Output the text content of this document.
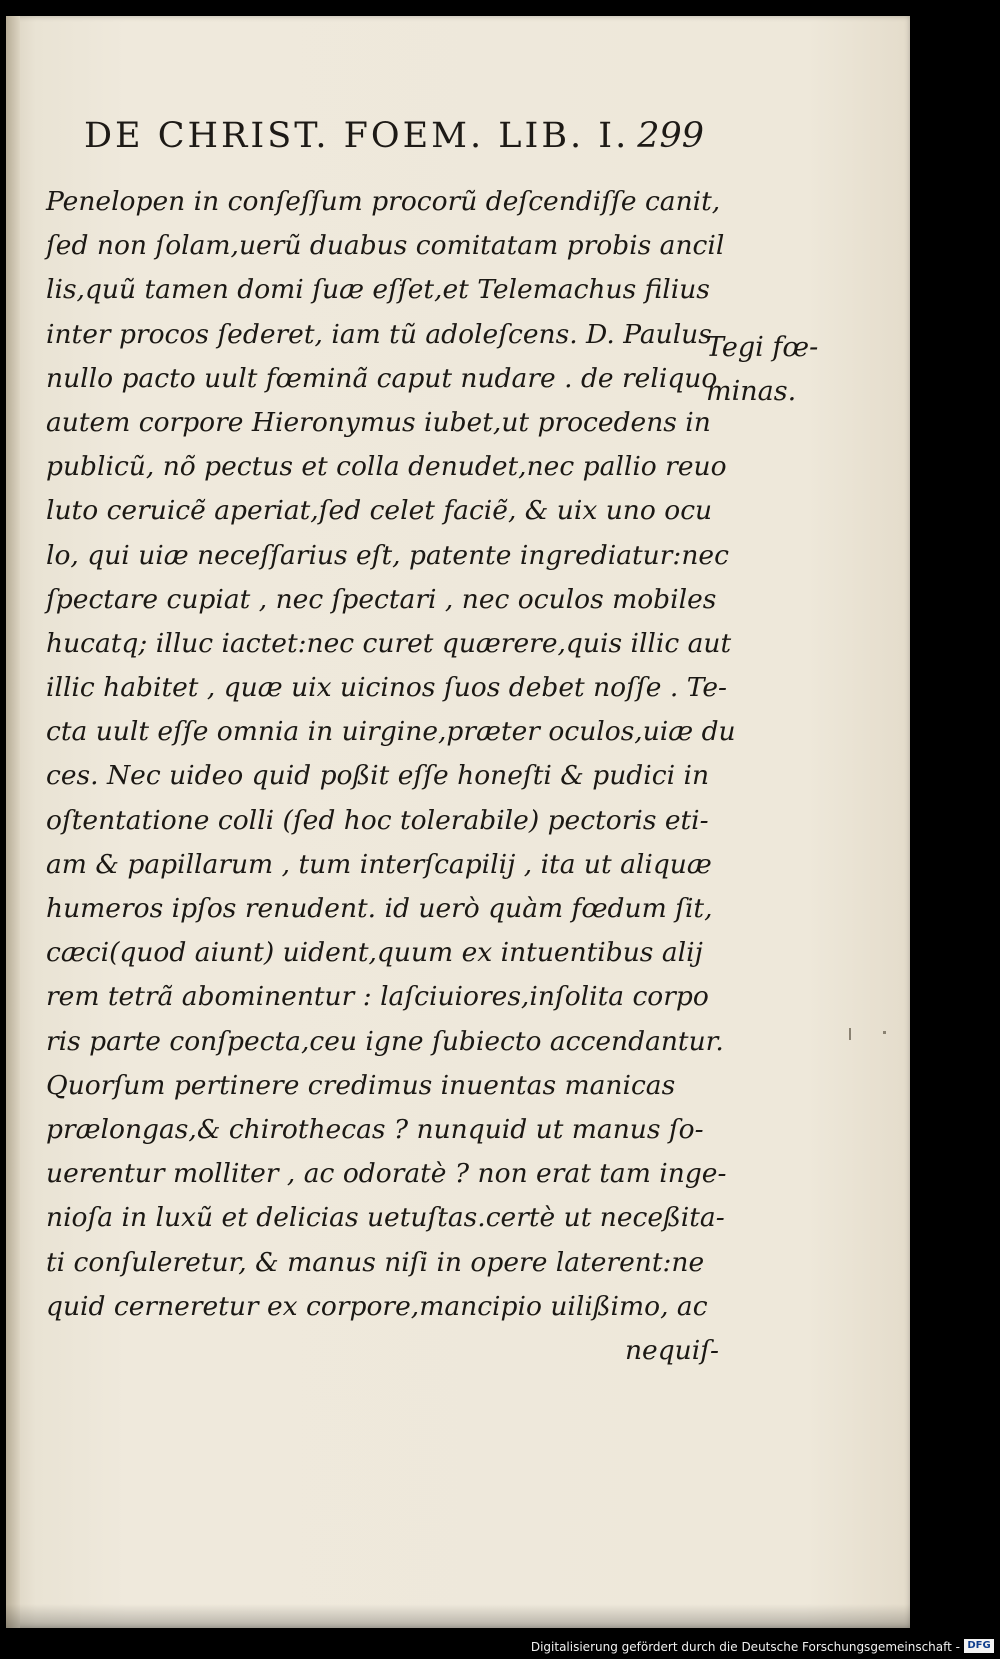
DE CHRIST. FOEM. LIB. I. 299
Penelopen in conſeſſum procorũ deſcendiſſe canit,
ſed non ſolam,uerũ duabus comitatam probis ancil
lis,quũ tamen domi ſuæ eſſet,et Telemachus filius
inter procos ſederet, iam tũ adoleſcens. D. Paulus
nullo pacto uult fœminã caput nudare . de reliquo
autem corpore Hieronymus iubet,ut procedens in
publicũ, nõ pectus et colla denudet,nec pallio reuo
luto ceruicẽ aperiat,ſed celet faciẽ, & uix uno ocu
lo, qui uiæ neceſſarius eſt, patente ingrediatur:nec
ſpectare cupiat , nec ſpectari , nec oculos mobiles
hucatq; illuc iactet:nec curet quærere,quis illic aut
illic habitet , quæ uix uicinos ſuos debet noſſe . Te-
cta uult eſſe omnia in uirgine,præter oculos,uiæ du
ces. Nec uideo quid poßit eſſe honeſti & pudici in
oſtentatione colli (ſed hoc tolerabile) pectoris eti-
am & papillarum , tum interſcapilij , ita ut aliquæ
humeros ipſos renudent. id uerò quàm fœdum ſit,
cæci(quod aiunt) uident,quum ex intuentibus alij
rem tetrã abominentur : laſciuiores,inſolita corpo
ris parte conſpecta,ceu igne ſubiecto accendantur.
Quorſum pertinere credimus inuentas manicas
prælongas,& chirothecas ? nunquid ut manus ſo-
uerentur molliter , ac odoratè ? non erat tam inge-
nioſa in luxũ et delicias uetuſtas.certè ut neceßita-
ti conſuleretur, & manus niſi in opere laterent:ne
quid cerneretur ex corpore,mancipio uilißimo, ac
nequiſ-
Tegi fœ-
minas.
Digitalisierung gefördert durch die Deutsche Forschungsgemeinschaft - DFG
